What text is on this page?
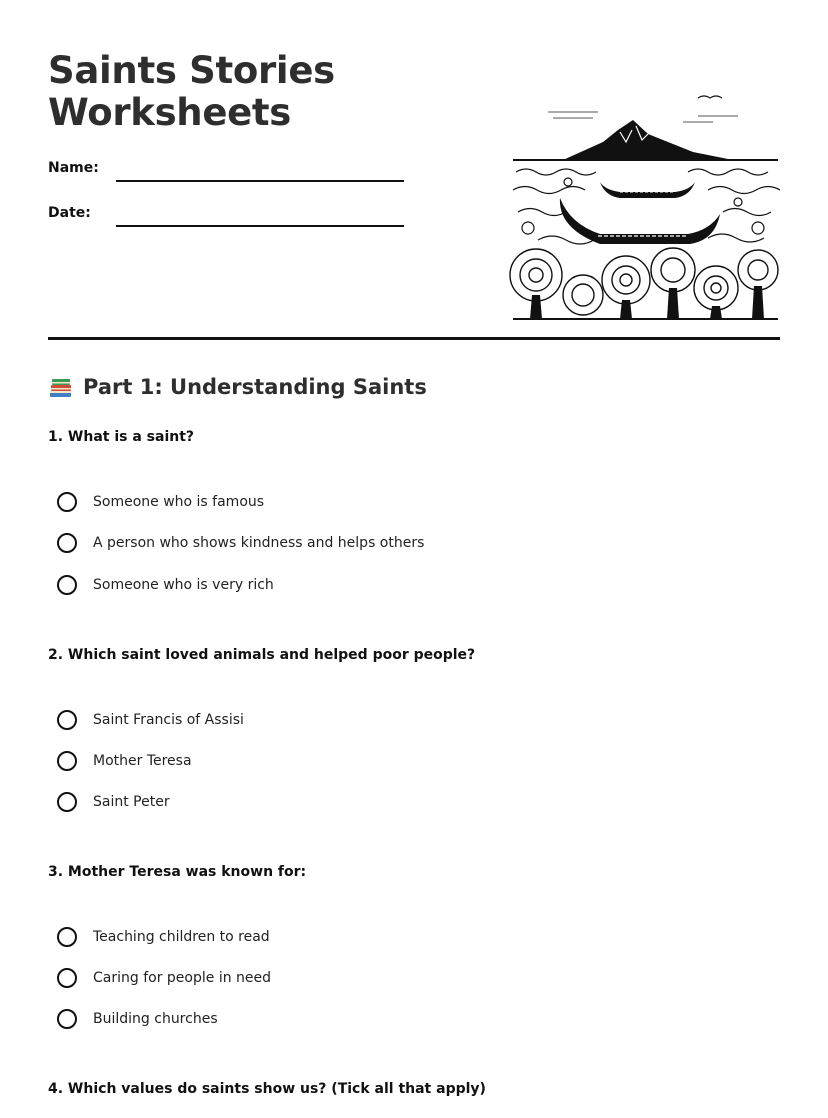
Saints Stories
Worksheets
Name:
Date:
Part 1: Understanding Saints
1. What is a saint?
Someone who is famous
A person who shows kindness and helps others
Someone who is very rich
2. Which saint loved animals and helped poor people?
Saint Francis of Assisi
Mother Teresa
Saint Peter
3. Mother Teresa was known for:
Teaching children to read
Caring for people in need
Building churches
4. Which values do saints show us? (Tick all that apply)
